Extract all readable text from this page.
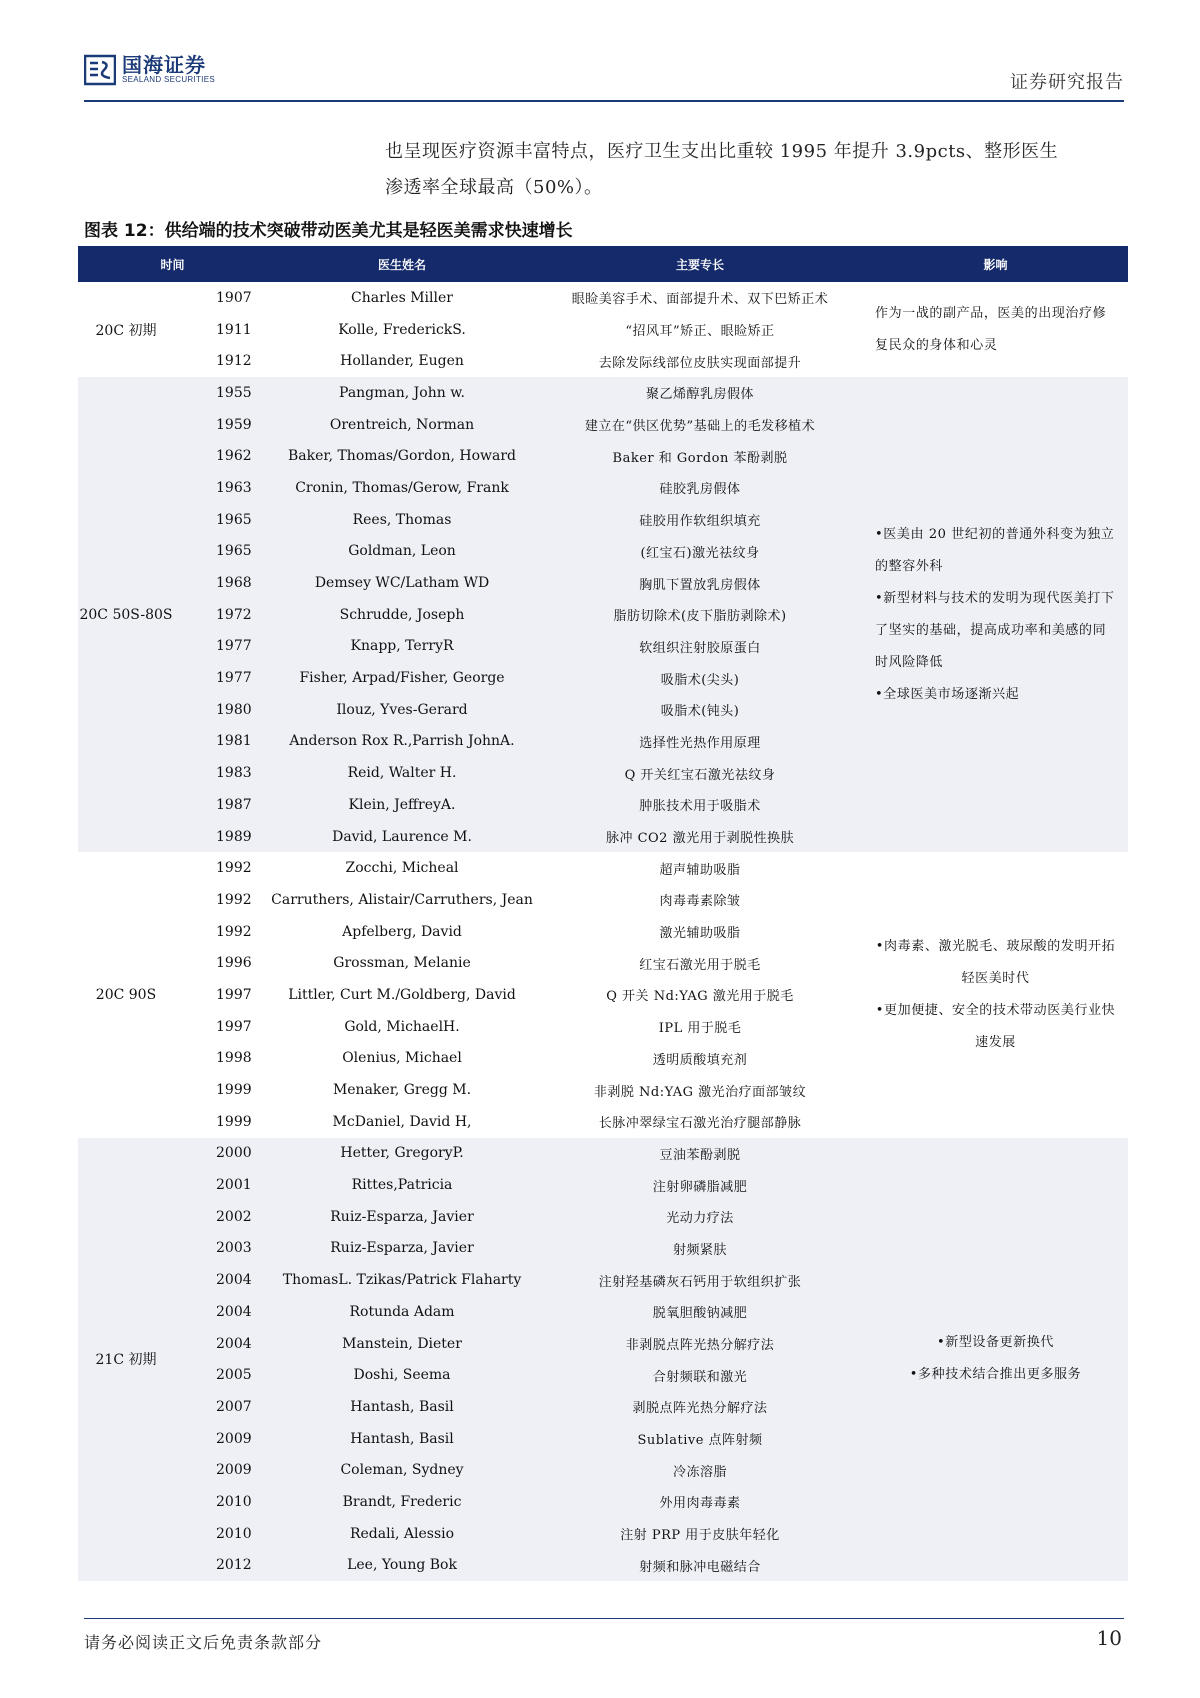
国海证券
SEALAND SECURITIES	证券研究报告

也呈现医疗资源丰富特点，医疗卫生支出比重较 1995 年提升 3.9pcts、整形医生

渗透率全球最高（50%）。

图表 12：供给端的技术突破带动医美尤其是轻医美需求快速增长
时间		医生姓名	主要专长	影响
20C 初期	1907	Charles Miller	眼睑美容手术、面部提升术、双下巴矫正术	作为一战的副产品，医美的出现治疗修复民众的身体和心灵

	1911	Kolle, FrederickS.	“招风耳”矫正、眼睑矫正	
	1912	Hollander, Eugen	去除发际线部位皮肤实现面部提升	
20C 50S-80S	1955	Pangman, John w.	聚乙烯醇乳房假体	•医美由 20 世纪初的普通外科变为独立的整容外科
•新型材料与技术的发明为现代医美打下了坚实的基础，提高成功率和美感的同时风险降低
•全球医美市场逐渐兴起

	1959	Orentreich, Norman	建立在“供区优势”基础上的毛发移植术	
	1962	Baker, Thomas/Gordon, Howard	Baker 和 Gordon 苯酚剥脱	
	1963	Cronin, Thomas/Gerow, Frank	硅胶乳房假体	
	1965	Rees, Thomas	硅胶用作软组织填充	
	1965	Goldman, Leon	(红宝石)激光祛纹身	
	1968	Demsey WC/Latham WD	胸肌下置放乳房假体	
	1972	Schrudde, Joseph	脂肪切除术(皮下脂肪剥除术)	
	1977	Knapp, TerryR	软组织注射胶原蛋白	
	1977	Fisher, Arpad/Fisher, George	吸脂术(尖头)	
	1980	Ilouz, Yves-Gerard	吸脂术(钝头)	
	1981	Anderson Rox R.,Parrish JohnA.	选择性光热作用原理	
	1983	Reid, Walter H.	Q 开关红宝石激光祛纹身	
	1987	Klein, JeffreyA.	肿胀技术用于吸脂术	
	1989	David, Laurence M.	脉冲 CO2 激光用于剥脱性换肤	
20C 90S	1992	Zocchi, Micheal	超声辅助吸脂	•肉毒素、激光脱毛、玻尿酸的发明开拓轻医美时代
•更加便捷、安全的技术带动医美行业快速发展

	1992	Carruthers, Alistair/Carruthers, Jean	肉毒毒素除皱	
	1992	Apfelberg, David	激光辅助吸脂	
	1996	Grossman, Melanie	红宝石激光用于脱毛	
	1997	Littler, Curt M./Goldberg, David	Q 开关 Nd:YAG 激光用于脱毛	
	1997	Gold, MichaelH.	IPL 用于脱毛	
	1998	Olenius, Michael	透明质酸填充剂	
	1999	Menaker, Gregg M.	非剥脱 Nd:YAG 激光治疗面部皱纹	
	1999	McDaniel, David H,	长脉冲翠绿宝石激光治疗腿部静脉	
21C 初期	2000	Hetter, GregoryP.	豆油苯酚剥脱	•新型设备更新换代
•多种技术结合推出更多服务

	2001	Rittes,Patricia	注射卵磷脂减肥	
	2002	Ruiz-Esparza, Javier	光动力疗法	
	2003	Ruiz-Esparza, Javier	射频紧肤	
	2004	ThomasL. Tzikas/Patrick Flaharty	注射羟基磷灰石钙用于软组织扩张	
	2004	Rotunda Adam	脱氧胆酸钠减肥	
	2004	Manstein, Dieter	非剥脱点阵光热分解疗法	
	2005	Doshi, Seema	合射频联和激光	
	2007	Hantash, Basil	剥脱点阵光热分解疗法	
	2009	Hantash, Basil	Sublative 点阵射频	
	2009	Coleman, Sydney	冷冻溶脂	
	2010	Brandt, Frederic	外用肉毒毒素	
	2010	Redali, Alessio	注射 PRP 用于皮肤年轻化	
	2012	Lee, Young Bok	射频和脉冲电磁结合	
请务必阅读正文后免责条款部分	10
